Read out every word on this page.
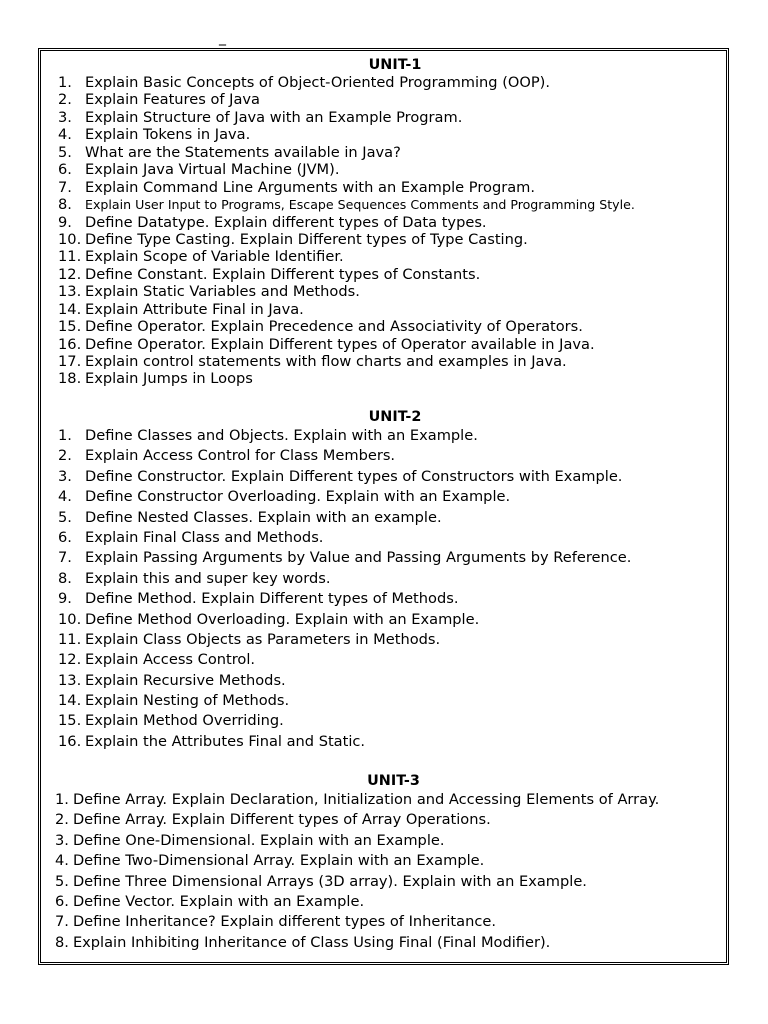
_
UNIT-1
1. Explain Basic Concepts of Object-Oriented Programming (OOP).
2. Explain Features of Java
3. Explain Structure of Java with an Example Program.
4. Explain Tokens in Java.
5. What are the Statements available in Java?
6. Explain Java Virtual Machine (JVM).
7. Explain Command Line Arguments with an Example Program.
8.	Explain User Input to Programs, Escape Sequences Comments and Programming Style.
9. Define Datatype. Explain different types of Data types.
10. Define Type Casting. Explain Different types of Type Casting.
11. Explain Scope of Variable Identifier.
12. Define Constant. Explain Different types of Constants.
13. Explain Static Variables and Methods.
14. Explain Attribute Final in Java.
15. Define Operator. Explain Precedence and Associativity of Operators.
16. Define Operator. Explain Different types of Operator available in Java.
17. Explain control statements with flow charts and examples in Java.
18. Explain Jumps in Loops
UNIT-2
1. Define Classes and Objects. Explain with an Example.
2. Explain Access Control for Class Members.
3. Define Constructor. Explain Different types of Constructors with Example.
4. Define Constructor Overloading. Explain with an Example.
5. Define Nested Classes. Explain with an example.
6. Explain Final Class and Methods.
7. Explain Passing Arguments by Value and Passing Arguments by Reference.
8. Explain this and super key words.
9. Define Method. Explain Different types of Methods.
10. Define Method Overloading. Explain with an Example.
11. Explain Class Objects as Parameters in Methods.
12. Explain Access Control.
13. Explain Recursive Methods.
14. Explain Nesting of Methods.
15. Explain Method Overriding.
16. Explain the Attributes Final and Static.
UNIT-3
1. Define Array. Explain Declaration, Initialization and Accessing Elements of Array.
2. Define Array. Explain Different types of Array Operations.
3. Define One-Dimensional. Explain with an Example.
4. Define Two-Dimensional Array. Explain with an Example.
5. Define Three Dimensional Arrays (3D array). Explain with an Example.
6. Define Vector. Explain with an Example.
7. Define Inheritance? Explain different types of Inheritance.
8. Explain Inhibiting Inheritance of Class Using Final (Final Modifier).
